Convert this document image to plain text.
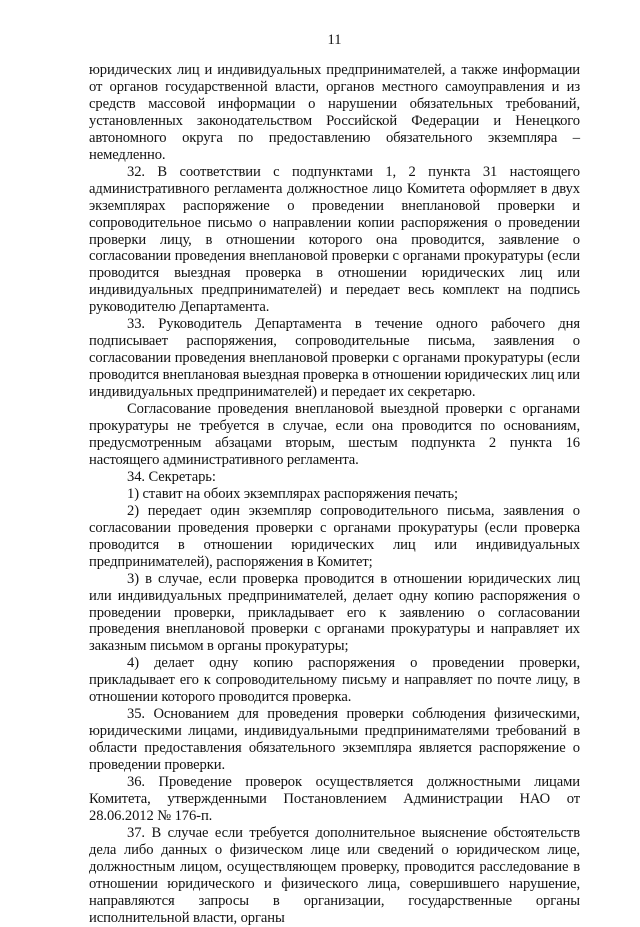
11

юридических лиц и индивидуальных предпринимателей, а также информации от органов государственной власти, органов местного самоуправления и из средств массовой информации о нарушении обязательных требований, установленных законодательством Российской Федерации и Ненецкого автономного округа по предоставлению обязательного экземпляра – немедленно.

32. В соответствии с подпунктами 1, 2 пункта 31 настоящего административного регламента должностное лицо Комитета оформляет в двух экземплярах распоряжение о проведении внеплановой проверки и сопроводительное письмо о направлении копии распоряжения о проведении проверки лицу, в отношении которого она проводится, заявление о согласовании проведения внеплановой проверки с органами прокуратуры (если проводится выездная проверка в отношении юридических лиц или индивидуальных предпринимателей) и передает весь комплект на подпись руководителю Департамента.

33. Руководитель Департамента в течение одного рабочего дня подписывает распоряжения, сопроводительные письма, заявления о согласовании проведения внеплановой проверки с органами прокуратуры (если проводится внеплановая выездная проверка в отношении юридических лиц или индивидуальных предпринимателей) и передает их секретарю.

Согласование проведения внеплановой выездной проверки с органами прокуратуры не требуется в случае, если она проводится по основаниям, предусмотренным абзацами вторым, шестым подпункта 2 пункта 16 настоящего административного регламента.

34. Секретарь:

1) ставит на обоих экземплярах распоряжения печать;

2) передает один экземпляр сопроводительного письма, заявления о согласовании проведения проверки с органами прокуратуры (если проверка проводится в отношении юридических лиц или индивидуальных предпринимателей), распоряжения в Комитет;

3) в случае, если проверка проводится в отношении юридических лиц или индивидуальных предпринимателей, делает одну копию распоряжения о проведении проверки, прикладывает его к заявлению о согласовании проведения внеплановой проверки с органами прокуратуры и направляет их заказным письмом в органы прокуратуры;

4) делает одну копию распоряжения о проведении проверки, прикладывает его к сопроводительному письму и направляет по почте лицу, в отношении которого проводится проверка.

35. Основанием для проведения проверки соблюдения физическими, юридическими лицами, индивидуальными предпринимателями требований в области предоставления обязательного экземпляра является распоряжение о проведении проверки.

36. Проведение проверок осуществляется должностными лицами Комитета, утвержденными Постановлением Администрации НАО от 28.06.2012 № 176-п.

37. В случае если требуется дополнительное выяснение обстоятельств дела либо данных о физическом лице или сведений о юридическом лице, должностным лицом, осуществляющем проверку, проводится расследование в отношении юридического и физического лица, совершившего нарушение, направляются запросы в организации, государственные органы исполнительной власти, органы
